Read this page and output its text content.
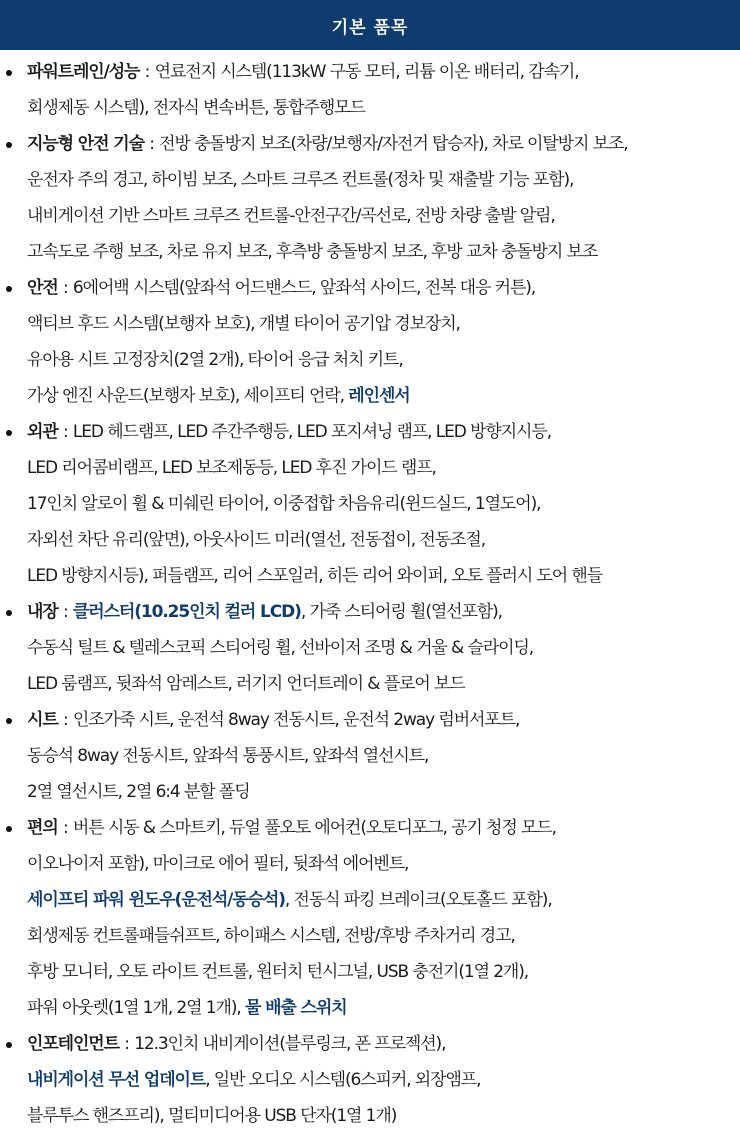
기본 품목
파워트레인/성능 : 연료전지 시스템(113kW 구동 모터, 리튬 이온 배터리, 감속기,
회생제동 시스템), 전자식 변속버튼, 통합주행모드
지능형 안전 기술 : 전방 충돌방지 보조(차량/보행자/자전거 탑승자), 차로 이탈방지 보조,
운전자 주의 경고, 하이빔 보조, 스마트 크루즈 컨트롤(정차 및 재출발 기능 포함),
내비게이션 기반 스마트 크루즈 컨트롤-안전구간/곡선로, 전방 차량 출발 알림,
고속도로 주행 보조, 차로 유지 보조, 후측방 충돌방지 보조, 후방 교차 충돌방지 보조
안전 : 6에어백 시스템(앞좌석 어드밴스드, 앞좌석 사이드, 전복 대응 커튼),
액티브 후드 시스템(보행자 보호), 개별 타이어 공기압 경보장치,
유아용 시트 고정장치(2열 2개), 타이어 응급 처치 키트,
가상 엔진 사운드(보행자 보호), 세이프티 언락, 레인센서
외관 : LED 헤드램프, LED 주간주행등, LED 포지셔닝 램프, LED 방향지시등,
LED 리어콤비램프, LED 보조제동등, LED 후진 가이드 램프,
17인치 알로이 휠 & 미쉐린 타이어, 이중접합 차음유리(윈드실드, 1열도어),
자외선 차단 유리(앞면), 아웃사이드 미러(열선, 전동접이, 전동조절,
LED 방향지시등), 퍼들램프, 리어 스포일러, 히든 리어 와이퍼, 오토 플러시 도어 핸들
내장 : 클러스터(10.25인치 컬러 LCD), 가죽 스티어링 휠(열선포함),
수동식 틸트 & 텔레스코픽 스티어링 휠, 선바이저 조명 & 거울 & 슬라이딩,
LED 룸램프, 뒷좌석 암레스트, 러기지 언더트레이 & 플로어 보드
시트 : 인조가죽 시트, 운전석 8way 전동시트, 운전석 2way 럼버서포트,
동승석 8way 전동시트, 앞좌석 통풍시트, 앞좌석 열선시트,
2열 열선시트, 2열 6:4 분할 폴딩
편의 : 버튼 시동 & 스마트키, 듀얼 풀오토 에어컨(오토디포그, 공기 청정 모드,
이오나이저 포함), 마이크로 에어 필터, 뒷좌석 에어벤트,
세이프티 파워 윈도우(운전석/동승석), 전동식 파킹 브레이크(오토홀드 포함),
회생제동 컨트롤패들쉬프트, 하이패스 시스템, 전방/후방 주차거리 경고,
후방 모니터, 오토 라이트 컨트롤, 원터치 턴시그널, USB 충전기(1열 2개),
파워 아웃렛(1열 1개, 2열 1개), 물 배출 스위치
인포테인먼트 : 12.3인치 내비게이션(블루링크, 폰 프로젝션),
내비게이션 무선 업데이트, 일반 오디오 시스템(6스피커, 외장앰프,
블루투스 핸즈프리), 멀티미디어용 USB 단자(1열 1개)
